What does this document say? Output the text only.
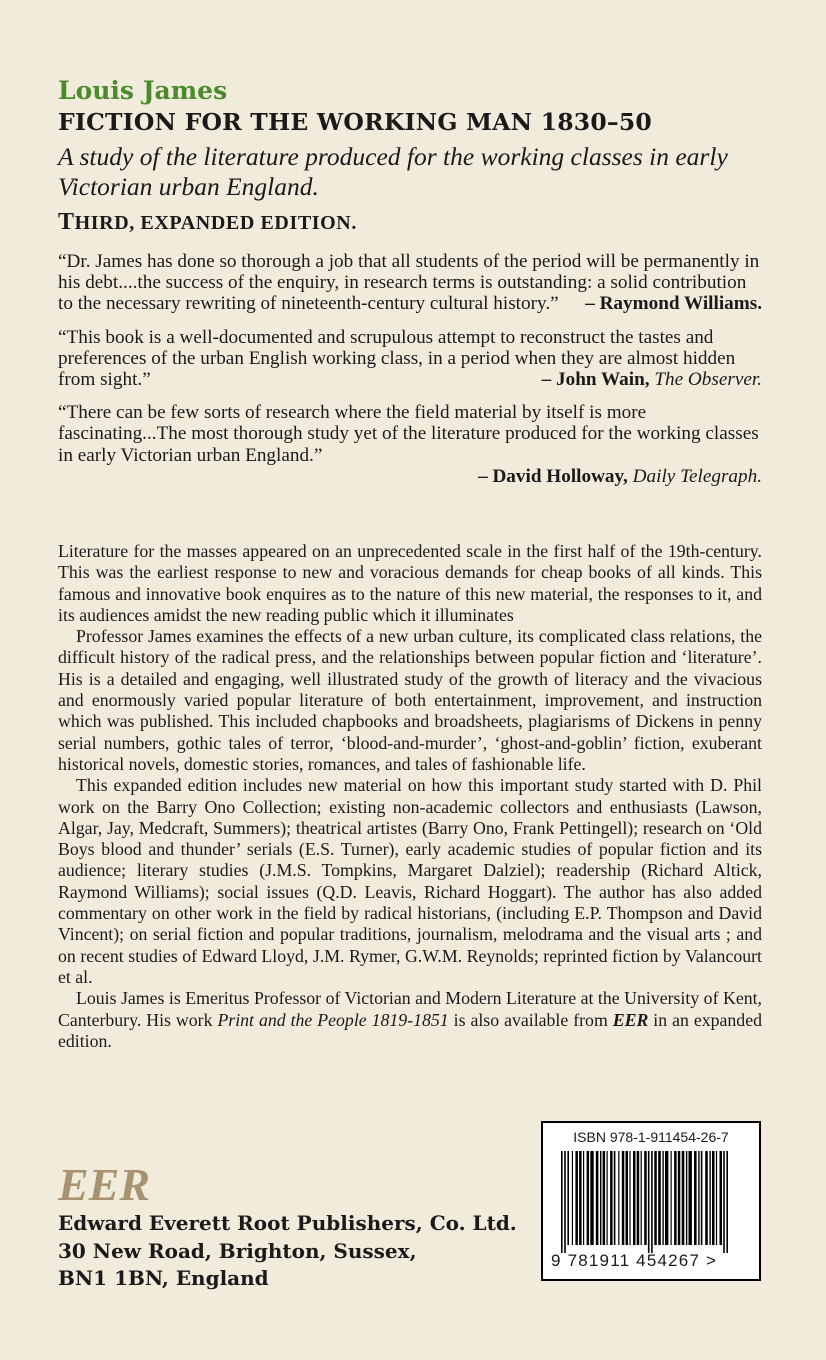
Louis James
FICTION FOR THE WORKING MAN 1830–50
A study of the literature produced for the working classes in early Victorian urban England.
THIRD, EXPANDED EDITION.
“Dr. James has done so thorough a job that all students of the period will be permanently in his debt....the success of the enquiry, in research terms is outstanding: a solid contribution to the necessary rewriting of nineteenth-century cultural history.” – Raymond Williams.
“This book is a well-documented and scrupulous attempt to reconstruct the tastes and preferences of the urban English working class, in a period when they are almost hidden from sight.”	– John Wain, The Observer.
“There can be few sorts of research where the field material by itself is more fascinating...The most thorough study yet of the literature produced for the working classes in early Victorian urban England.”
– David Holloway, Daily Telegraph.

Literature for the masses appeared on an unprecedented scale in the first half of the 19th-century. This was the earliest response to new and voracious demands for cheap books of all kinds. This famous and innovative book enquires as to the nature of this new material, the responses to it, and its audiences amidst the new reading public which it illuminates

Professor James examines the effects of a new urban culture, its complicated class relations, the difficult history of the radical press, and the relationships between popular fiction and ‘literature’. His is a detailed and engaging, well illustrated study of the growth of literacy and the vivacious and enormously varied popular literature of both entertainment, improvement, and instruction which was published. This included chapbooks and broadsheets, plagiarisms of Dickens in penny serial numbers, gothic tales of terror, ‘blood-and-murder’, ‘ghost-and-goblin’ fiction, exuberant historical novels, domestic stories, romances, and tales of fashionable life.

This expanded edition includes new material on how this important study started with D. Phil work on the Barry Ono Collection; existing non-academic collectors and enthusiasts (Lawson, Algar, Jay, Medcraft, Summers); theatrical artistes (Barry Ono, Frank Pettingell); research on ‘Old Boys blood and thunder’ serials (E.S. Turner), early academic studies of popular fiction and its audience; literary studies (J.M.S. Tompkins, Margaret Dalziel); readership (Richard Altick, Raymond Williams); social issues (Q.D. Leavis, Richard Hoggart). The author has also added commentary on other work in the field by radical historians, (including E.P. Thompson and David Vincent); on serial fiction and popular traditions, journalism, melodrama and the visual arts ; and on recent studies of Edward Lloyd, J.M. Rymer, G.W.M. Reynolds; reprinted fiction by Valancourt et al.

Louis James is Emeritus Professor of Victorian and Modern Literature at the University of Kent, Canterbury. His work Print and the People 1819-1851 is also available from EER in an expanded edition.

EER
Edward Everett Root Publishers, Co. Ltd.
30 New Road, Brighton, Sussex,
BN1 1BN, England
ISBN 978-1-911454-26-7
9 781911 454267 >
